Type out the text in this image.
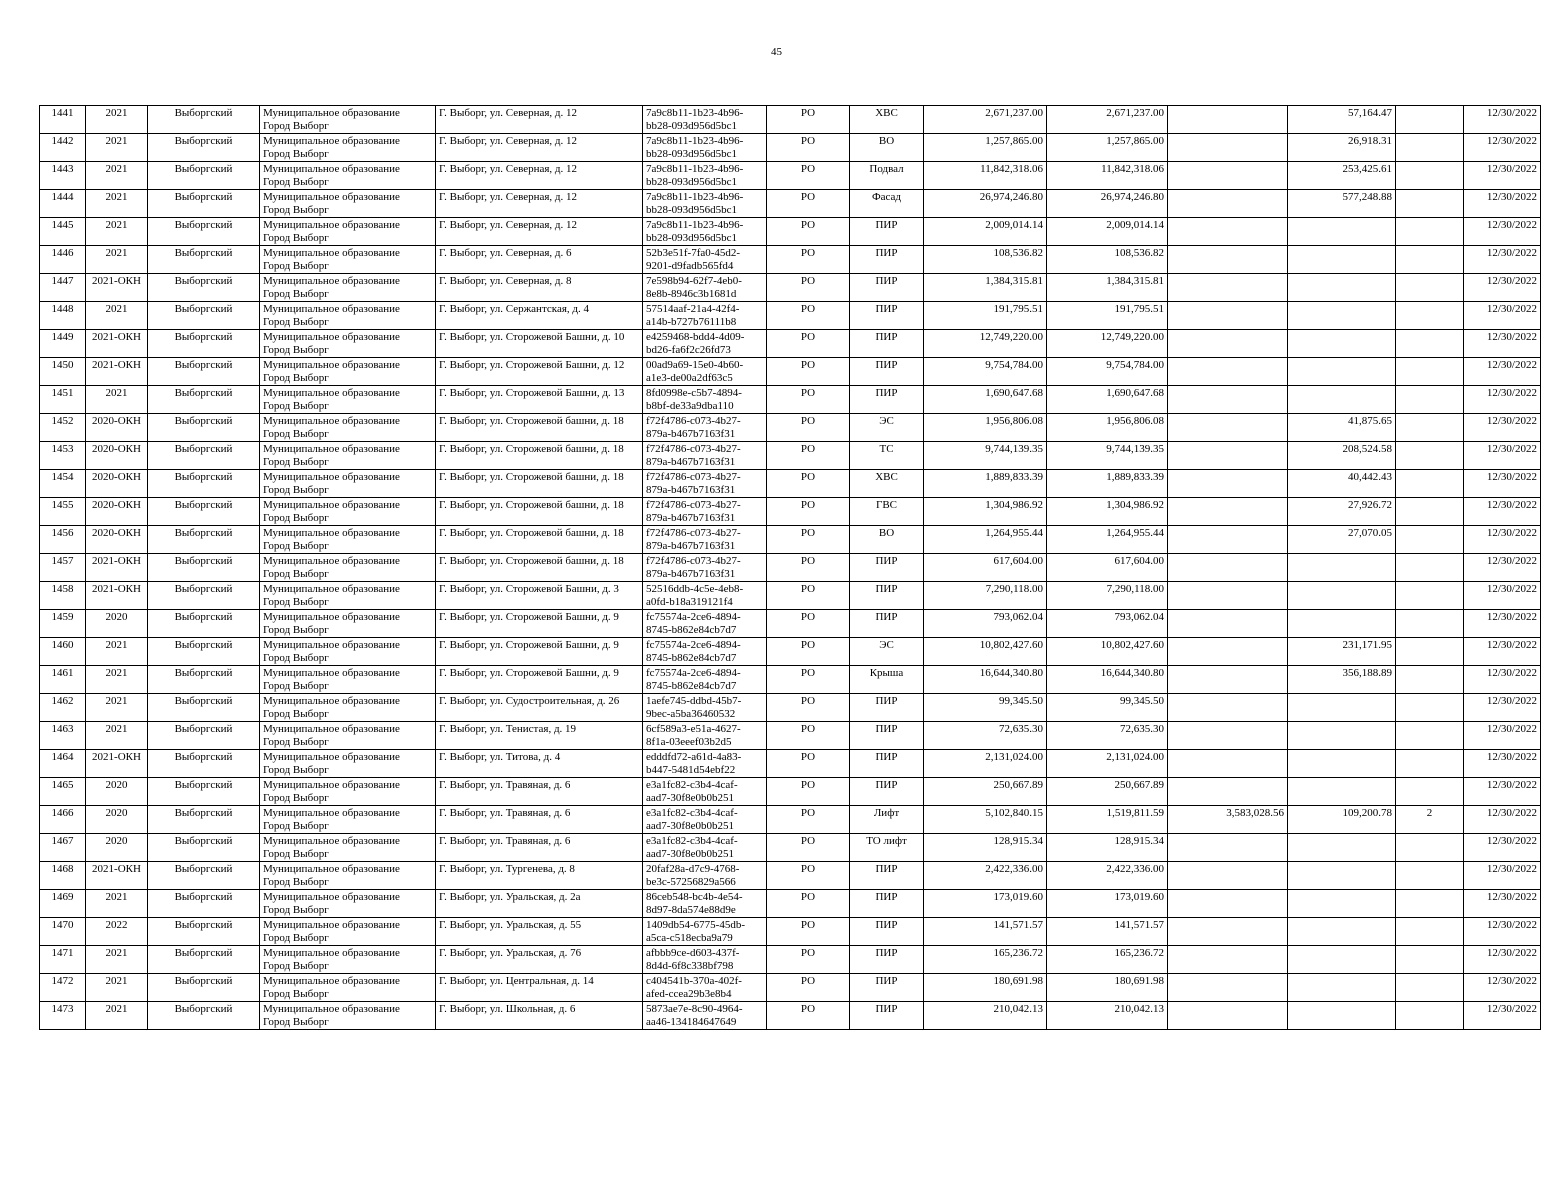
45
1441	2021	Выборгский	Муниципальное образование
Город Выборг	Г. Выборг, ул. Северная, д. 12	7a9c8b11-1b23-4b96-
bb28-093d956d5bc1	РО	ХВС	2,671,237.00	2,671,237.00		57,164.47		12/30/2022
1442	2021	Выборгский	Муниципальное образование
Город Выборг	Г. Выборг, ул. Северная, д. 12	7a9c8b11-1b23-4b96-
bb28-093d956d5bc1	РО	ВО	1,257,865.00	1,257,865.00		26,918.31		12/30/2022
1443	2021	Выборгский	Муниципальное образование
Город Выборг	Г. Выборг, ул. Северная, д. 12	7a9c8b11-1b23-4b96-
bb28-093d956d5bc1	РО	Подвал	11,842,318.06	11,842,318.06		253,425.61		12/30/2022
1444	2021	Выборгский	Муниципальное образование
Город Выборг	Г. Выборг, ул. Северная, д. 12	7a9c8b11-1b23-4b96-
bb28-093d956d5bc1	РО	Фасад	26,974,246.80	26,974,246.80		577,248.88		12/30/2022
1445	2021	Выборгский	Муниципальное образование
Город Выборг	Г. Выборг, ул. Северная, д. 12	7a9c8b11-1b23-4b96-
bb28-093d956d5bc1	РО	ПИР	2,009,014.14	2,009,014.14				12/30/2022
1446	2021	Выборгский	Муниципальное образование
Город Выборг	Г. Выборг, ул. Северная, д. 6	52b3e51f-7fa0-45d2-
9201-d9fadb565fd4	РО	ПИР	108,536.82	108,536.82				12/30/2022
1447	2021-ОКН	Выборгский	Муниципальное образование
Город Выборг	Г. Выборг, ул. Северная, д. 8	7e598b94-62f7-4eb0-
8e8b-8946c3b1681d	РО	ПИР	1,384,315.81	1,384,315.81				12/30/2022
1448	2021	Выборгский	Муниципальное образование
Город Выборг	Г. Выборг, ул. Сержантская, д. 4	57514aaf-21a4-42f4-
a14b-b727b76111b8	РО	ПИР	191,795.51	191,795.51				12/30/2022
1449	2021-ОКН	Выборгский	Муниципальное образование
Город Выборг	Г. Выборг, ул. Сторожевой Башни, д. 10	e4259468-bdd4-4d09-
bd26-fa6f2c26fd73	РО	ПИР	12,749,220.00	12,749,220.00				12/30/2022
1450	2021-ОКН	Выборгский	Муниципальное образование
Город Выборг	Г. Выборг, ул. Сторожевой Башни, д. 12	00ad9a69-15e0-4b60-
a1e3-de00a2df63c5	РО	ПИР	9,754,784.00	9,754,784.00				12/30/2022
1451	2021	Выборгский	Муниципальное образование
Город Выборг	Г. Выборг, ул. Сторожевой Башни, д. 13	8fd0998e-c5b7-4894-
b8bf-de33a9dba110	РО	ПИР	1,690,647.68	1,690,647.68				12/30/2022
1452	2020-ОКН	Выборгский	Муниципальное образование
Город Выборг	Г. Выборг, ул. Сторожевой башни, д. 18	f72f4786-c073-4b27-
879a-b467b7163f31	РО	ЭС	1,956,806.08	1,956,806.08		41,875.65		12/30/2022
1453	2020-ОКН	Выборгский	Муниципальное образование
Город Выборг	Г. Выборг, ул. Сторожевой башни, д. 18	f72f4786-c073-4b27-
879a-b467b7163f31	РО	ТС	9,744,139.35	9,744,139.35		208,524.58		12/30/2022
1454	2020-ОКН	Выборгский	Муниципальное образование
Город Выборг	Г. Выборг, ул. Сторожевой башни, д. 18	f72f4786-c073-4b27-
879a-b467b7163f31	РО	ХВС	1,889,833.39	1,889,833.39		40,442.43		12/30/2022
1455	2020-ОКН	Выборгский	Муниципальное образование
Город Выборг	Г. Выборг, ул. Сторожевой башни, д. 18	f72f4786-c073-4b27-
879a-b467b7163f31	РО	ГВС	1,304,986.92	1,304,986.92		27,926.72		12/30/2022
1456	2020-ОКН	Выборгский	Муниципальное образование
Город Выборг	Г. Выборг, ул. Сторожевой башни, д. 18	f72f4786-c073-4b27-
879a-b467b7163f31	РО	ВО	1,264,955.44	1,264,955.44		27,070.05		12/30/2022
1457	2021-ОКН	Выборгский	Муниципальное образование
Город Выборг	Г. Выборг, ул. Сторожевой башни, д. 18	f72f4786-c073-4b27-
879a-b467b7163f31	РО	ПИР	617,604.00	617,604.00				12/30/2022
1458	2021-ОКН	Выборгский	Муниципальное образование
Город Выборг	Г. Выборг, ул. Сторожевой Башни, д. 3	52516ddb-4c5e-4eb8-
a0fd-b18a319121f4	РО	ПИР	7,290,118.00	7,290,118.00				12/30/2022
1459	2020	Выборгский	Муниципальное образование
Город Выборг	Г. Выборг, ул. Сторожевой Башни, д. 9	fc75574a-2ce6-4894-
8745-b862e84cb7d7	РО	ПИР	793,062.04	793,062.04				12/30/2022
1460	2021	Выборгский	Муниципальное образование
Город Выборг	Г. Выборг, ул. Сторожевой Башни, д. 9	fc75574a-2ce6-4894-
8745-b862e84cb7d7	РО	ЭС	10,802,427.60	10,802,427.60		231,171.95		12/30/2022
1461	2021	Выборгский	Муниципальное образование
Город Выборг	Г. Выборг, ул. Сторожевой Башни, д. 9	fc75574a-2ce6-4894-
8745-b862e84cb7d7	РО	Крыша	16,644,340.80	16,644,340.80		356,188.89		12/30/2022
1462	2021	Выборгский	Муниципальное образование
Город Выборг	Г. Выборг, ул. Судостроительная, д. 26	1aefe745-ddbd-45b7-
9bec-a5ba36460532	РО	ПИР	99,345.50	99,345.50				12/30/2022
1463	2021	Выборгский	Муниципальное образование
Город Выборг	Г. Выборг, ул. Тенистая, д. 19	6cf589a3-e51a-4627-
8f1a-03eeef03b2d5	РО	ПИР	72,635.30	72,635.30				12/30/2022
1464	2021-ОКН	Выборгский	Муниципальное образование
Город Выборг	Г. Выборг, ул. Титова, д. 4	edddfd72-a61d-4a83-
b447-5481d54ebf22	РО	ПИР	2,131,024.00	2,131,024.00				12/30/2022
1465	2020	Выборгский	Муниципальное образование
Город Выборг	Г. Выборг, ул. Травяная, д. 6	e3a1fc82-c3b4-4caf-
aad7-30f8e0b0b251	РО	ПИР	250,667.89	250,667.89				12/30/2022
1466	2020	Выборгский	Муниципальное образование
Город Выборг	Г. Выборг, ул. Травяная, д. 6	e3a1fc82-c3b4-4caf-
aad7-30f8e0b0b251	РО	Лифт	5,102,840.15	1,519,811.59	3,583,028.56	109,200.78	2	12/30/2022
1467	2020	Выборгский	Муниципальное образование
Город Выборг	Г. Выборг, ул. Травяная, д. 6	e3a1fc82-c3b4-4caf-
aad7-30f8e0b0b251	РО	ТО лифт	128,915.34	128,915.34				12/30/2022
1468	2021-ОКН	Выборгский	Муниципальное образование
Город Выборг	Г. Выборг, ул. Тургенева, д. 8	20faf28a-d7c9-4768-
be3c-57256829a566	РО	ПИР	2,422,336.00	2,422,336.00				12/30/2022
1469	2021	Выборгский	Муниципальное образование
Город Выборг	Г. Выборг, ул. Уральская, д. 2а	86ceb548-bc4b-4e54-
8d97-8da574e88d9e	РО	ПИР	173,019.60	173,019.60				12/30/2022
1470	2022	Выборгский	Муниципальное образование
Город Выборг	Г. Выборг, ул. Уральская, д. 55	1409db54-6775-45db-
a5ca-c518ecba9a79	РО	ПИР	141,571.57	141,571.57				12/30/2022
1471	2021	Выборгский	Муниципальное образование
Город Выборг	Г. Выборг, ул. Уральская, д. 76	afbbb9ce-d603-437f-
8d4d-6f8c338bf798	РО	ПИР	165,236.72	165,236.72				12/30/2022
1472	2021	Выборгский	Муниципальное образование
Город Выборг	Г. Выборг, ул. Центральная, д. 14	c404541b-370a-402f-
afed-ccea29b3e8b4	РО	ПИР	180,691.98	180,691.98				12/30/2022
1473	2021	Выборгский	Муниципальное образование
Город Выборг	Г. Выборг, ул. Школьная, д. 6	5873ae7e-8c90-4964-
aa46-134184647649	РО	ПИР	210,042.13	210,042.13				12/30/2022
